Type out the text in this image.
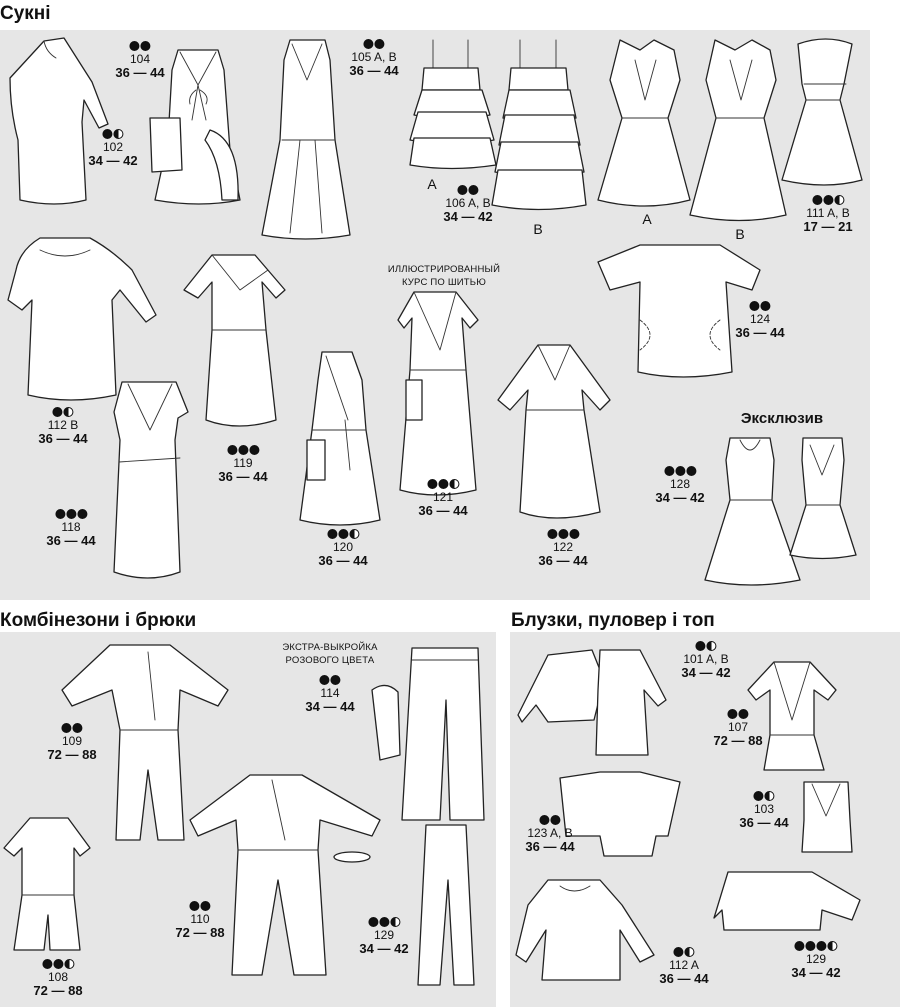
Сукні
Комбінезони і брюки	Блузки, пуловер і топ
A
B
A
B
ИЛЛЮСТРИРОВАННЫЙ
КУРС ПО ШИТЬЮ
ЭКСТРА-ВЫКРОЙКА
РОЗОВОГО ЦВЕТА
Эксклюзив
102
34 — 42
104
36 — 44
105 A, B
36 — 44
106 A, B
34 — 42	111 A, B
17 — 21
112 B
36 — 44
118
36 — 44
119
36 — 44
120
36 — 44
121
36 — 44
122
36 — 44
124
36 — 44
128
34 — 42
109
72 — 88
114
34 — 44
110
72 — 88
108
72 — 88
129
34 — 42
101 A, B
34 — 42
107
72 — 88
123 A, B
36 — 44
103
36 — 44
112 A
36 — 44
129
34 — 42
